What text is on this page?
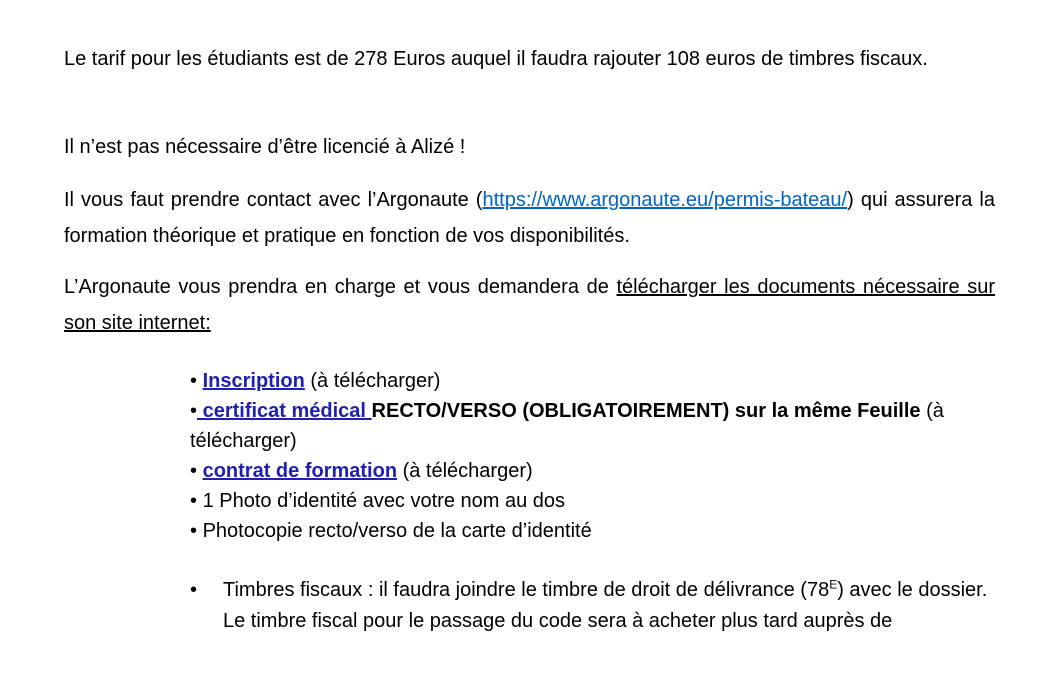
Le tarif pour les étudiants est de 278 Euros auquel il faudra rajouter 108 euros de timbres fiscaux.

Il n’est pas nécessaire d’être licencié à Alizé !

Il vous faut prendre contact avec l’Argonaute (https://www.argonaute.eu/permis-bateau/) qui assurera la formation théorique et pratique en fonction de vos disponibilités.

L’Argonaute vous prendra en charge et vous demandera de télécharger les documents nécessaire sur son site internet:

• Inscription (à télécharger)
• certificat médical RECTO/VERSO (OBLIGATOIREMENT) sur la même Feuille (à télécharger)
• contrat de formation (à télécharger)
• 1 Photo d’identité avec votre nom au dos
• Photocopie recto/verso de la carte d’identité
• Timbres fiscaux : il faudra joindre le timbre de droit de délivrance $(78^E)$ avec le dossier.
Le timbre fiscal pour le passage du code sera à acheter plus tard auprès de
